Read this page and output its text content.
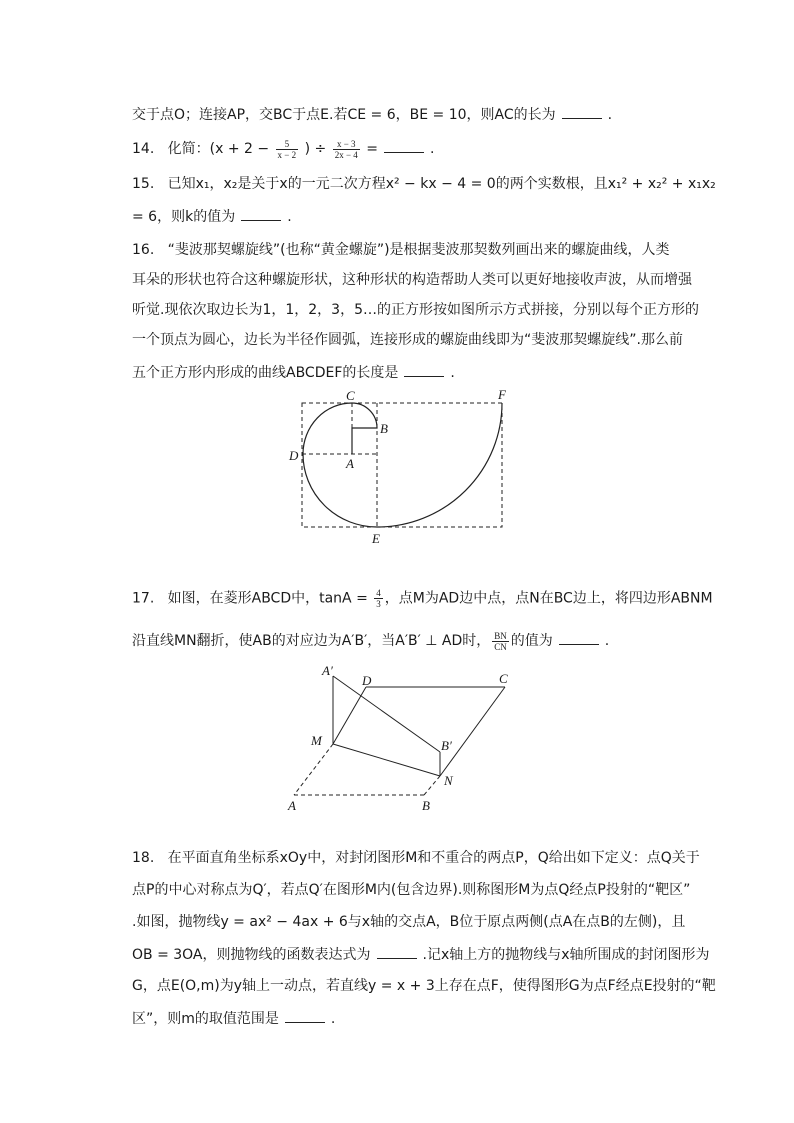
交于点O；连接AP，交BC于点E.若CE = 6，BE = 10，则AC的长为	.
14. 化简：($x + 2 - \frac{5}{x - 2}$ ) ÷ $\frac{x - 3}{2x - 4}$ =	.
15. 已知x₁，x₂是关于x的一元二次方程x² − kx − 4 = 0的两个实数根，且x₁² + x₂² + x₁x₂
= 6，则k的值为	.
16. “斐波那契螺旋线”(也称“黄金螺旋”)是根据斐波那契数列画出来的螺旋曲线，人类
耳朵的形状也符合这种螺旋形状，这种形状的构造帮助人类可以更好地接收声波，从而增强
听觉.现依次取边长为1，1，2，3，5…的正方形按如图所示方式拼接，分别以每个正方形的
一个顶点为圆心，边长为半径作圆弧，连接形成的螺旋曲线即为“斐波那契螺旋线”.那么前
五个正方形内形成的曲线ABCDEF的长度是	.
A
B
C
D
E
F
17. 如图，在菱形ABCD中，$\tan A = \frac{4}{3}$ ，点M为AD边中点，点N在BC边上，将四边形ABNM
沿直线MN翻折，使AB的对应边为A′B′，当A′B′ ⊥ AD时， $\frac{BN}{CN}$ 的值为	.
A′
D	C
M	B′
N
A	B
18. 在平面直角坐标系xOy中，对封闭图形M和不重合的两点P，Q给出如下定义：点Q关于
点P的中心对称点为Q′，若点Q′在图形M内(包含边界).则称图形M为点Q经点P投射的“靶区”
.如图，抛物线y = ax² − 4ax + 6与x轴的交点A，B位于原点两侧(点A在点B的左侧)，且
OB = 3OA，则抛物线的函数表达式为	.记x轴上方的抛物线与x轴所围成的封闭图形为
G，点E(O,m)为y轴上一动点，若直线y = x + 3上存在点F，使得图形G为点F经点E投射的“靶
区”，则m的取值范围是	.
